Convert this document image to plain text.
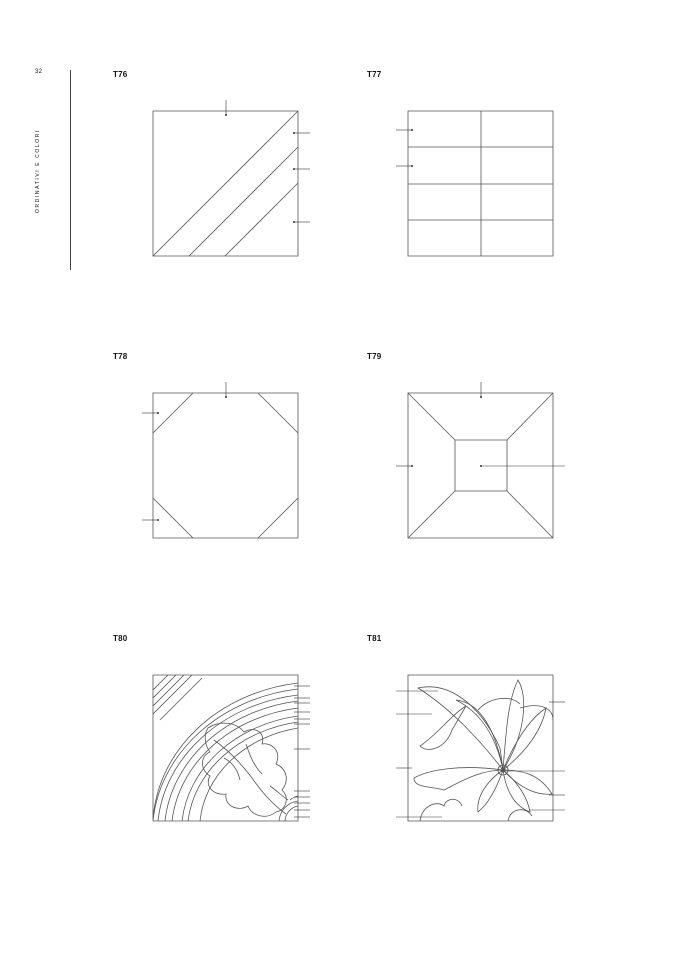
32
ORDINATIVI E COLORI
T76	T77
T78	T79
T80	T81
